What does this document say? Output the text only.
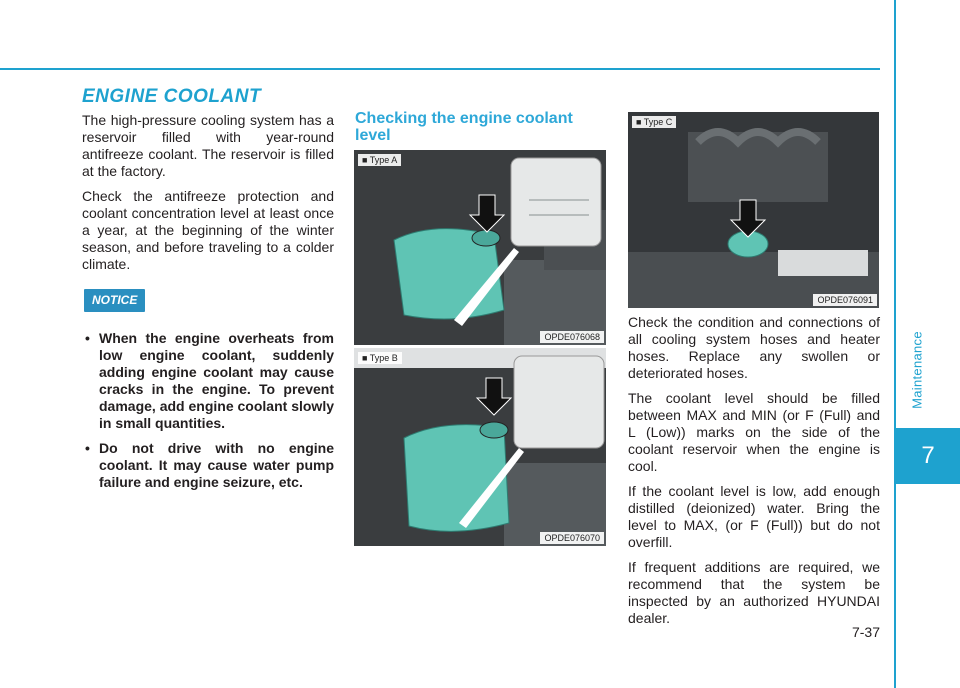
Maintenance
7
ENGINE COOLANT

The high-pressure cooling system has a reservoir filled with year-round antifreeze coolant. The reservoir is filled at the factory.

Check the antifreeze protection and coolant concentration level at least once a year, at the beginning of the winter season, and before traveling to a colder climate.

NOTICE
• When the engine overheats from low engine coolant, suddenly adding engine coolant may cause cracks in the engine. To prevent damage, add engine coolant slowly in small quantities.
• Do not drive with no engine coolant. It may cause water pump failure and engine seizure, etc.
Checking the engine coolant level
■ Type A
OPDE076068
■ Type B
OPDE076070
■ Type C
OPDE076091

Check the condition and connections of all cooling system hoses and heater hoses. Replace any swollen or deteriorated hoses.

The coolant level should be filled between MAX and MIN (or F (Full) and L (Low)) marks on the side of the coolant reservoir when the engine is cool.

If the coolant level is low, add enough distilled (deionized) water. Bring the level to MAX, (or F (Full)) but do not overfill.

If frequent additions are required, we recommend that the system be inspected by an authorized HYUNDAI dealer.

7-37
